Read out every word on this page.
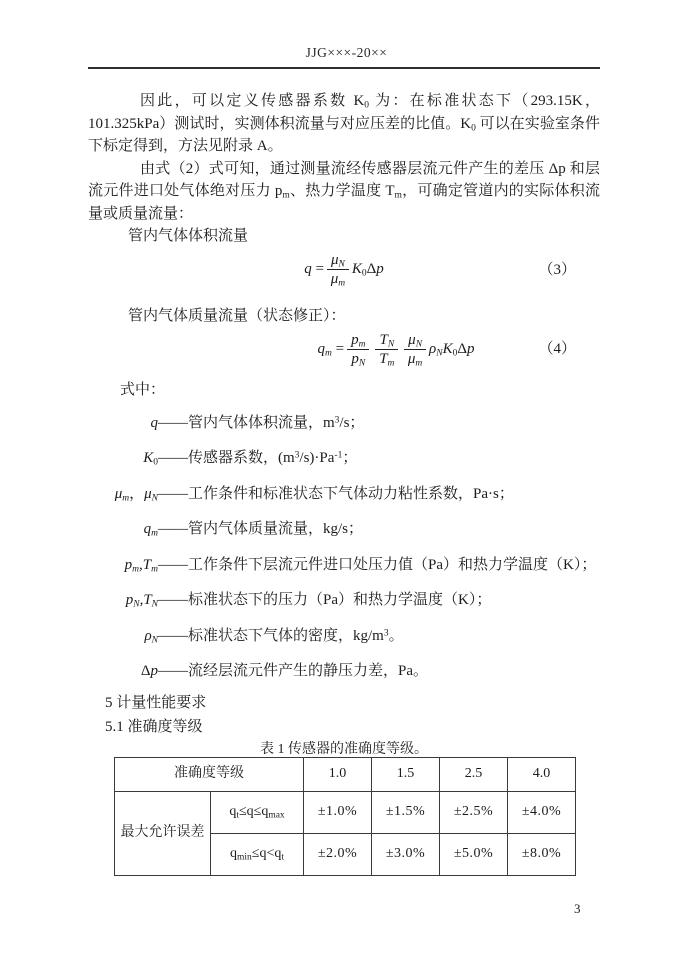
JJG×××-20××

因此，可以定义传感器系数 $K_0$ 为：在标准状态下（293.15K，101.325kPa）测试时，实测体积流量与对应压差的比值。$K_0$ 可以在实验室条件下标定得到，方法见附录 A。

由式（2）式可知，通过测量流经传感器层流元件产生的差压 Δp 和层流元件进口处气体绝对压力 $p_m$、热力学温度 $T_m$，可确定管道内的实际体积流量或质量流量：

管内气体体积流量

$q = \frac{\mu_N}{\mu_m} K_0\Delta p$	（3）

管内气体质量流量（状态修正）：

$q_m = \frac{p_m}{p_N} \frac{T_N}{T_m} \frac{\mu_N}{\mu_m} \rho_NK_0\Delta p$	（4）

式中：

q ——管内气体体积流量，$m^3/s$；
$K_0$ ——传感器系数，$(m^3/s)\cdot Pa^{-1}$；
$\mu_m$，$\mu_N$ ——工作条件和标准状态下气体动力粘性系数，Pa·s；
$q_m$ ——管内气体质量流量，kg/s；
$p_m,T_m$ ——工作条件下层流元件进口处压力值（Pa）和热力学温度（K）；
$p_N,T_N$ ——标准状态下的压力（Pa）和热力学温度（K）；
$\rho_N$ ——标准状态下气体的密度，$kg/m^3$。
Δp ——流经层流元件产生的静压力差，Pa。

5 计量性能要求

5.1 准确度等级

表 1 传感器的准确度等级。

准确度等级		1.0	1.5	2.5	4.0
最大允许误差	$q_t\le q\le q_{max}$	±1.0%	±1.5%	±2.5%	±4.0%
	$q_{min}\le q<q_t$	±2.0%	±3.0%	±5.0%	±8.0%
3
